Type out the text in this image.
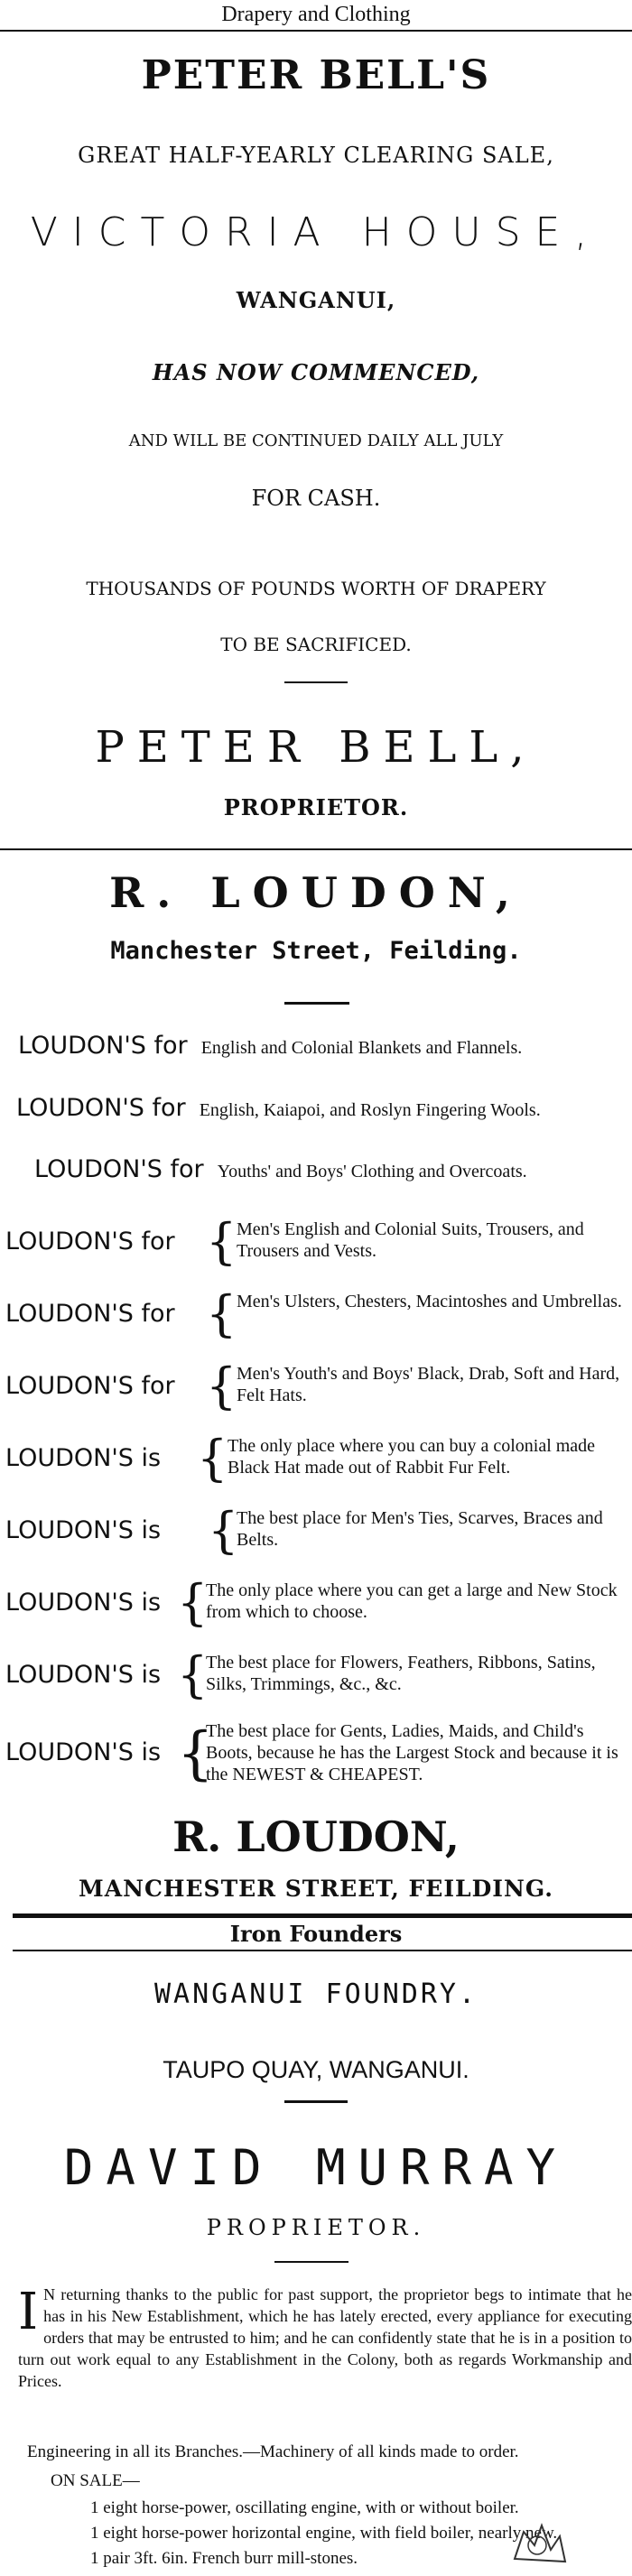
Drapery and Clothing
PETER BELL'S
GREAT HALF-YEARLY CLEARING SALE,
VICTORIA HOUSE,
WANGANUI,
HAS NOW COMMENCED,
AND WILL BE CONTINUED DAILY ALL JULY
FOR CASH.
THOUSANDS OF POUNDS WORTH OF DRAPERY
TO BE SACRIFICED.
PETER BELL,
PROPRIETOR.
R. LOUDON,
Manchester Street, Feilding.
LOUDON'S for English and Colonial Blankets and Flannels.
LOUDON'S for English, Kaiapoi, and Roslyn Fingering Wools.
LOUDON'S for Youths' and Boys' Clothing and Overcoats.
LOUDON'S for { Men's English and Colonial Suits, Trousers, and Trousers and Vests.
LOUDON'S for { Men's Ulsters, Chesters, Macintoshes and Umbrellas.
LOUDON'S for { Men's Youth's and Boys' Black, Drab, Soft and Hard, Felt Hats.
LOUDON'S is { The only place where you can buy a colonial made Black Hat made out of Rabbit Fur Felt.
LOUDON'S is {
The best place for Men's Ties, Scarves, Braces and Belts.
LOUDON'S is {
The only place where you can get a large and New Stock from which to choose.
LOUDON'S is {
The best place for Flowers, Feathers, Ribbons, Satins, Silks, Trimmings, &c., &c.
LOUDON'S is {
The best place for Gents, Ladies, Maids, and Child's Boots, because he has the Largest Stock and because it is the NEWEST & CHEAPEST.
R. LOUDON,
MANCHESTER STREET, FEILDING.
Iron Founders
WANGANUI FOUNDRY.
TAUPO QUAY, WANGANUI.
DAVID MURRAY
PROPRIETOR.
I N returning thanks to the public for past support, the proprietor begs to intimate that he has in his New Establishment, which he has lately erected, every appliance for executing orders that may be entrusted to him; and he can confidently state that he is in a position to turn out work equal to any Establishment in the Colony, both as regards Workmanship and Prices.
Engineering in all its Branches.—Machinery of all kinds made to order.
ON SALE—
1 eight horse-power, oscillating engine, with or without boiler.
1 eight horse-power horizontal engine, with field boiler, nearly new.
1 pair 3ft. 6in. French burr mill-stones.
